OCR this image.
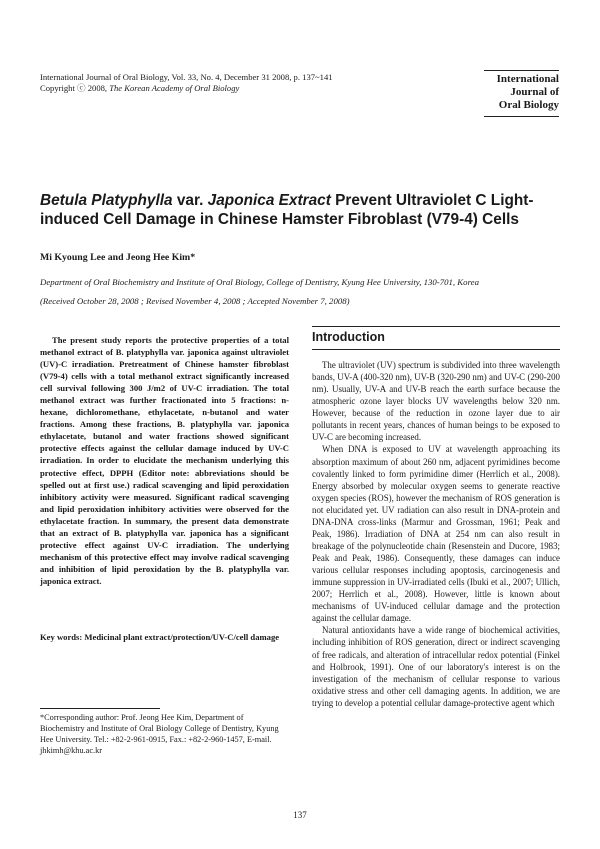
International Journal of Oral Biology, Vol. 33, No. 4, December 31 2008, p. 137~141
Copyright ⓒ 2008, The Korean Academy of Oral Biology
International
Journal of
Oral Biology
Betula Platyphylla var. Japonica Extract Prevent Ultraviolet C Light-induced Cell Damage in Chinese Hamster Fibroblast (V79-4) Cells
Mi Kyoung Lee and Jeong Hee Kim*
Department of Oral Biochemistry and Institute of Oral Biology, College of Dentistry, Kyung Hee University, 130-701, Korea
(Received October 28, 2008 ; Revised November 4, 2008 ; Accepted November 7, 2008)
The present study reports the protective properties of a total methanol extract of B. platyphylla var. japonica against ultraviolet (UV)-C irradiation. Pretreatment of Chinese hamster fibroblast (V79-4) cells with a total methanol extract significantly increased cell survival following 300 J/m2 of UV-C irradiation. The total methanol extract was further fractionated into 5 fractions: n-hexane, dichloromethane, ethylacetate, n-butanol and water fractions. Among these fractions, B. platyphylla var. japonica ethylacetate, butanol and water fractions showed significant protective effects against the cellular damage induced by UV-C irradiation. In order to elucidate the mechanism underlying this protective effect, DPPH (Editor note: abbreviations should be spelled out at first use.) radical scavenging and lipid peroxidation inhibitory activity were measured. Significant radical scavenging and lipid peroxidation inhibitory activities were observed for the ethylacetate fraction. In summary, the present data demonstrate that an extract of B. platyphylla var. japonica has a significant protective effect against UV-C irradiation. The underlying mechanism of this protective effect may involve radical scavenging and inhibition of lipid peroxidation by the B. platyphylla var. japonica extract.
Key words: Medicinal plant extract/protection/UV-C/cell damage
*Corresponding author: Prof. Jeong Hee Kim, Department of Biochemistry and Institute of Oral Biology College of Dentistry, Kyung Hee University. Tel.: +82-2-961-0915, Fax.: +82-2-960-1457, E-mail. jhkimh@khu.ac.kr
Introduction

The ultraviolet (UV) spectrum is subdivided into three wavelength bands, UV-A (400-320 nm), UV-B (320-290 nm) and UV-C (290-200 nm). Usually, UV-A and UV-B reach the earth surface because the atmospheric ozone layer blocks UV wavelengths below 320 nm. However, because of the reduction in ozone layer due to air pollutants in recent years, chances of human beings to be exposed to UV-C are becoming increased.

When DNA is exposed to UV at wavelength approaching its absorption maximum of about 260 nm, adjacent pyrimidines become covalently linked to form pyrimidine dimer (Herrlich et al., 2008). Energy absorbed by molecular oxygen seems to generate reactive oxygen species (ROS), however the mechanism of ROS generation is not elucidated yet. UV radiation can also result in DNA-protein and DNA-DNA cross-links (Marmur and Grossman, 1961; Peak and Peak, 1986). Irradiation of DNA at 254 nm can also result in breakage of the polynucleotide chain (Resenstein and Ducore, 1983; Peak and Peak, 1986). Consequently, these damages can induce various cellular responses including apoptosis, carcinogenesis and immune suppression in UV-irradiated cells (Ibuki et al., 2007; Ullich, 2007; Herrlich et al., 2008). However, little is known about mechanisms of UV-induced cellular damage and the protection against the cellular damage.

Natural antioxidants have a wide range of biochemical activities, including inhibition of ROS generation, direct or indirect scavenging of free radicals, and alteration of intracellular redox potential (Finkel and Holbrook, 1991). One of our laboratory's interest is on the investigation of the mechanism of cellular response to various oxidative stress and other cell damaging agents. In addition, we are trying to develop a potential cellular damage-protective agent which

137
